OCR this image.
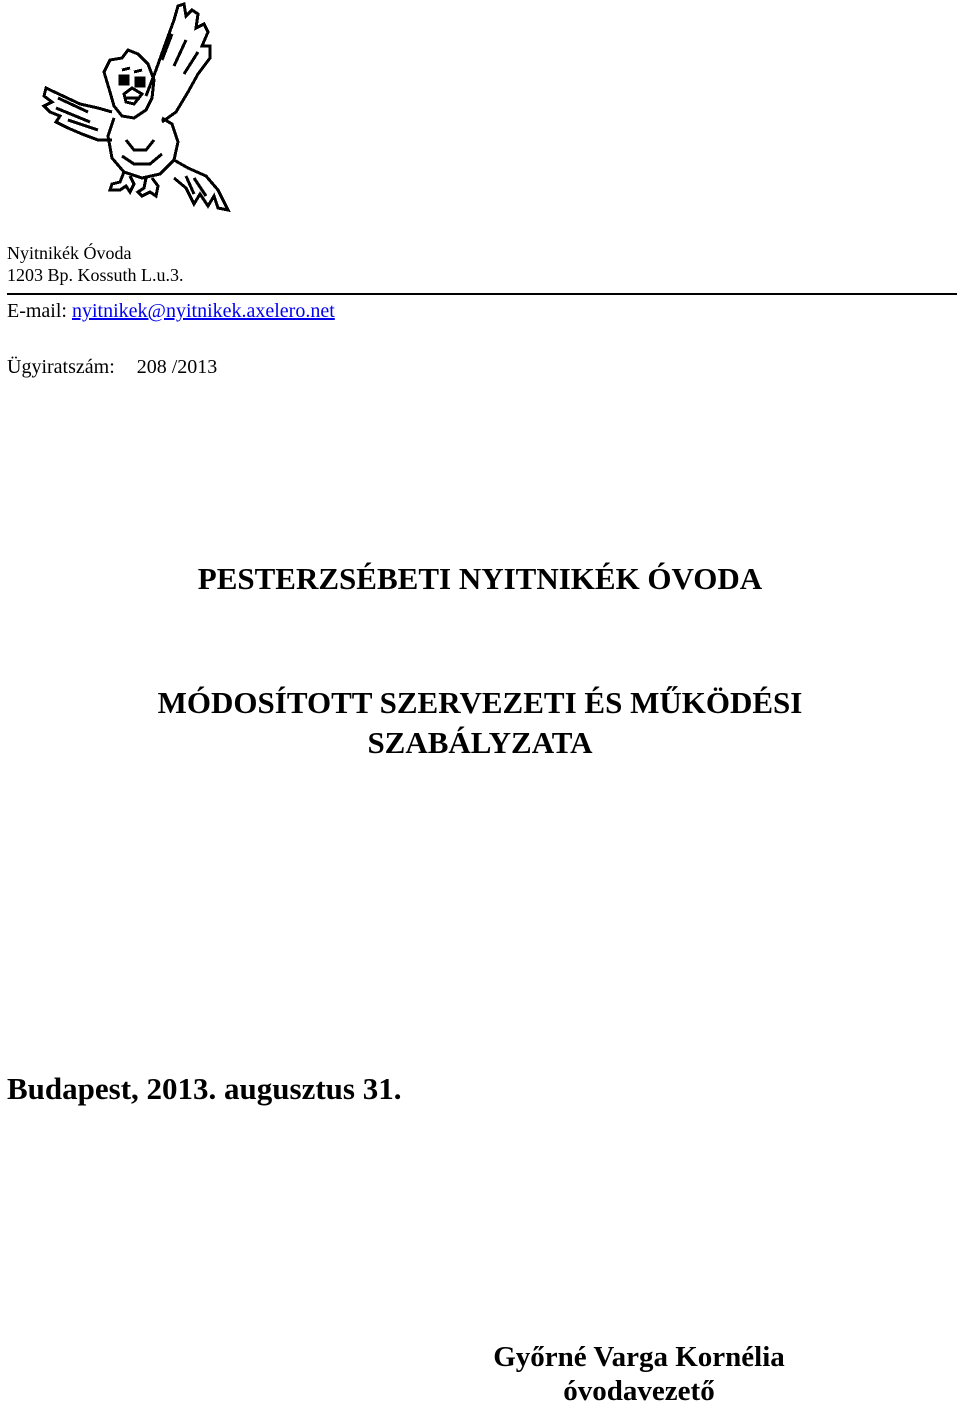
Nyitnikék Óvoda
1203 Bp. Kossuth L.u.3.
E-mail: nyitnikek@nyitnikek.axelero.net
Ügyiratszám: 208 /2013
PESTERZSÉBETI NYITNIKÉK ÓVODA
MÓDOSÍTOTT SZERVEZETI ÉS MŰKÖDÉSI
SZABÁLYZATA
Budapest, 2013. augusztus 31.
Győrné Varga Kornélia
óvodavezető
